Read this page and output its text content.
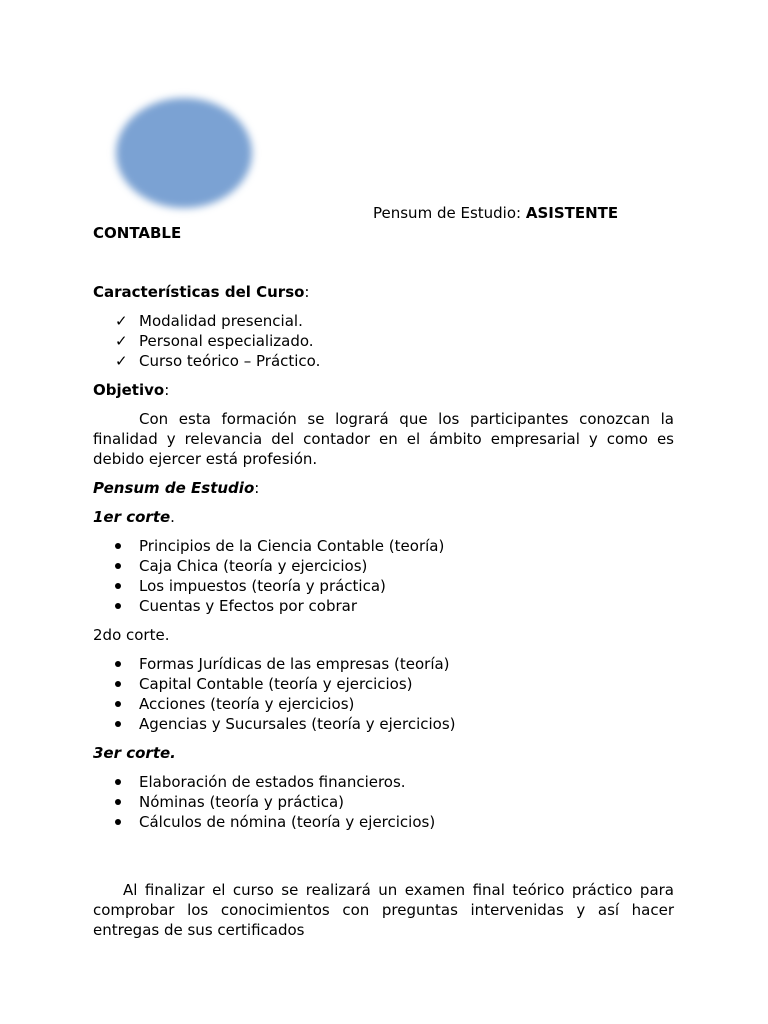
Pensum de Estudio: ASISTENTE
CONTABLE
Características del Curso:
✓ Modalidad presencial.
✓ Personal especializado.
✓ Curso teórico – Práctico.
Objetivo:

Con esta formación se logrará que los participantes conozcan la finalidad y relevancia del contador en el ámbito empresarial y como es debido ejercer está profesión.

Pensum de Estudio:
1er corte.
Principios de la Ciencia Contable (teoría)
Caja Chica (teoría y ejercicios)
Los impuestos (teoría y práctica)
Cuentas y Efectos por cobrar
2do corte.
Formas Jurídicas de las empresas (teoría)
Capital Contable (teoría y ejercicios)
Acciones (teoría y ejercicios)
Agencias y Sucursales (teoría y ejercicios)
3er corte.
Elaboración de estados financieros.
Nóminas (teoría y práctica)
Cálculos de nómina (teoría y ejercicios)

Al finalizar el curso se realizará un examen final teórico práctico para comprobar los conocimientos con preguntas intervenidas y así hacer entregas de sus certificados
